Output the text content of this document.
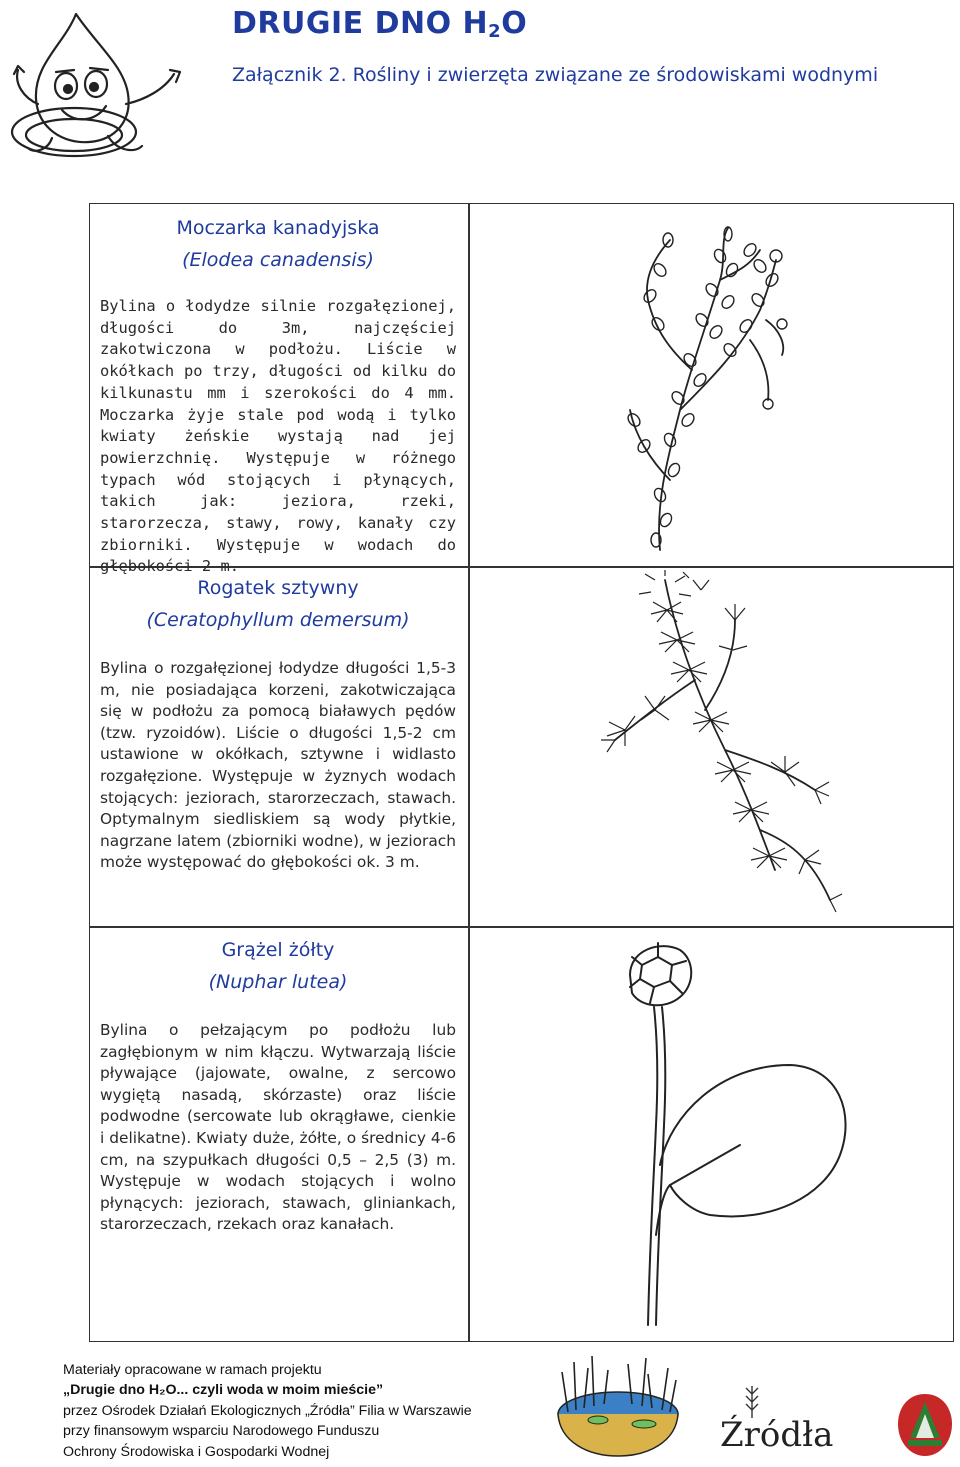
DRUGIE DNO $H_2O$
Załącznik 2. Rośliny i zwierzęta związane ze środowiskami wodnymi
Moczarka kanadyjska
(Elodea canadensis)
Bylina o łodydze silnie rozgałęzionej, długości do 3m, najczęściej zakotwiczona w podłożu. Liście w okółkach po trzy, długości od kilku do kilkunastu mm i szerokości do 4 mm. Moczarka żyje stale pod wodą i tylko kwiaty żeńskie wystają nad jej powierzchnię. Występuje w różnego typach wód stojących i płynących, takich jak: jeziora, rzeki, starorzecza, stawy, rowy, kanały czy zbiorniki. Występuje w wodach do głębokości 2 m.
Rogatek sztywny
(Ceratophyllum demersum)
Bylina o rozgałęzionej łodydze długości 1,5-3 m, nie posiadająca korzeni, zakotwiczająca się w podłożu za pomocą białawych pędów (tzw. ryzoidów). Liście o długości 1,5-2 cm ustawione w okółkach, sztywne i widlasto rozgałęzione. Występuje w żyznych wodach stojących: jeziorach, starorzeczach, stawach. Optymalnym siedliskiem są wody płytkie, nagrzane latem (zbiorniki wodne), w jeziorach może występować do głębokości ok. 3 m.
Grążel żółty
(Nuphar lutea)
Bylina o pełzającym po podłożu lub zagłębionym w nim kłączu. Wytwarzają liście pływające (jajowate, owalne, z sercowo wygiętą nasadą, skórzaste) oraz liście podwodne (sercowate lub okrągławe, cienkie i delikatne). Kwiaty duże, żółte, o średnicy 4-6 cm, na szypułkach długości 0,5 – 2,5 (3) m. Występuje w wodach stojących i wolno płynących: jeziorach, stawach, gliniankach, starorzeczach, rzekach oraz kanałach.
Materiały opracowane w ramach projektu
„Drugie dno H₂O... czyli woda w moim mieście”
przez Ośrodek Działań Ekologicznych „Źródła” Filia w Warszawie
przy finansowym wsparciu Narodowego Funduszu
Ochrony Środowiska i Gospodarki Wodnej	Źródła
